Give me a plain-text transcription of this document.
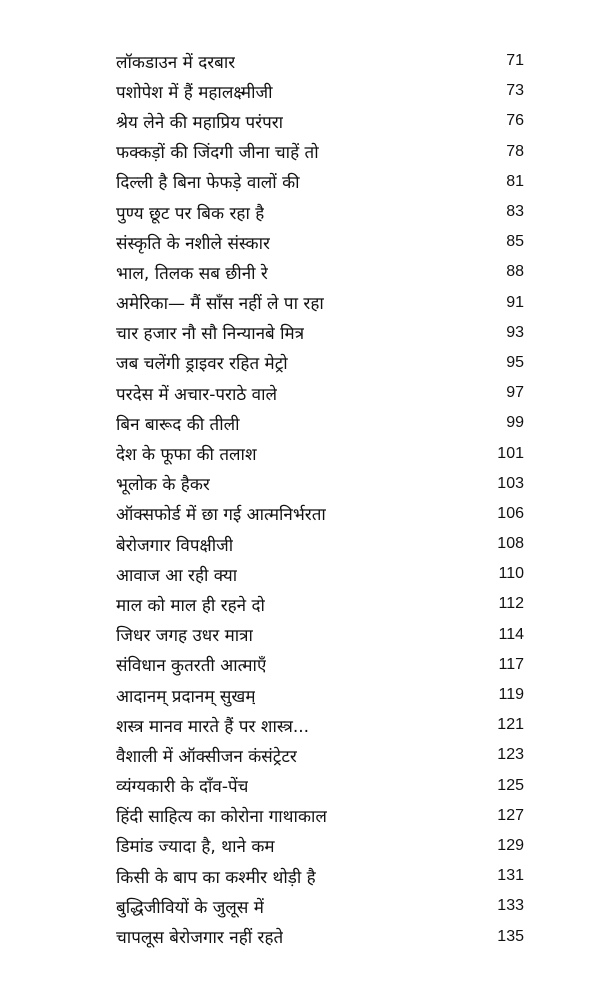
लॉकडाउन में दरबार	71
पशोपेश में हैं महालक्ष्मीजी	73
श्रेय लेने की महाप्रिय परंपरा	76
फक्कड़ों की जिंदगी जीना चाहें तो	78
दिल्ली है बिना फेफड़े वालों की	81
पुण्य छूट पर बिक रहा है	83
संस्कृति के नशीले संस्कार	85
भाल, तिलक सब छीनी रे	88
अमेरिका— मैं साँस नहीं ले पा रहा	91
चार हजार नौ सौ निन्यानबे मित्र	93
जब चलेंगी ड्राइवर रहित मेट्रो	95
परदेस में अचार-पराठे वाले	97
बिन बारूद की तीली	99
देश के फूफा की तलाश	101
भूलोक के हैकर	103
ऑक्सफोर्ड में छा गई आत्मनिर्भरता	106
बेरोजगार विपक्षीजी	108
आवाज आ रही क्या	110
माल को माल ही रहने दो	112
जिधर जगह उधर मात्रा	114
संविधान कुतरती आत्माएँ	117
आदानम् प्रदानम् सुखम्	119
शस्त्र मानव मारते हैं पर शास्त्र...	121
वैशाली में ऑक्सीजन कंसंट्रेटर	123
व्यंग्यकारी के दाँव-पेंच	125
हिंदी साहित्य का कोरोना गाथाकाल	127
डिमांड ज्यादा है, थाने कम	129
किसी के बाप का कश्मीर थोड़ी है	131
बुद्धिजीवियों के जुलूस में	133
चापलूस बेरोजगार नहीं रहते	135
